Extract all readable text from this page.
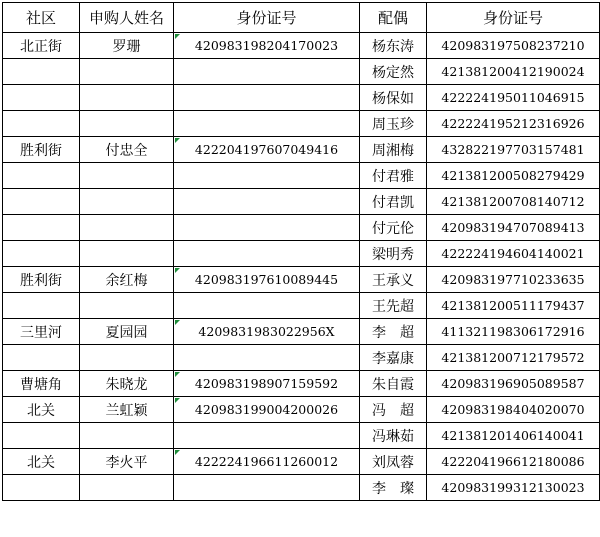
社区	申购人姓名	身份证号	配偶	身份证号
北正街	罗珊	420983198204170023	杨东涛	420983197508237210
			杨定然	421381200412190024
			杨保如	422224195011046915
			周玉珍	422224195212316926
胜利街	付忠全	422204197607049416	周湘梅	432822197703157481
			付君雅	421381200508279429
			付君凯	421381200708140712
			付元伦	420983194707089413
			梁明秀	422224194604140021
胜利街	余红梅	420983197610089445	王承义	420983197710233635
			王先超	421381200511179437
三里河	夏园园	4209831983022956X	李　超	411321198306172916
			李嘉康	421381200712179572
曹塘角	朱晓龙	420983198907159592	朱自霞	420983196905089587
北关	兰虹颖	420983199004200026	冯　超	420983198404020070
			冯琳茹	421381201406140041
北关	李火平	422224196611260012	刘凤蓉	422204196612180086
			李　璨	420983199312130023
